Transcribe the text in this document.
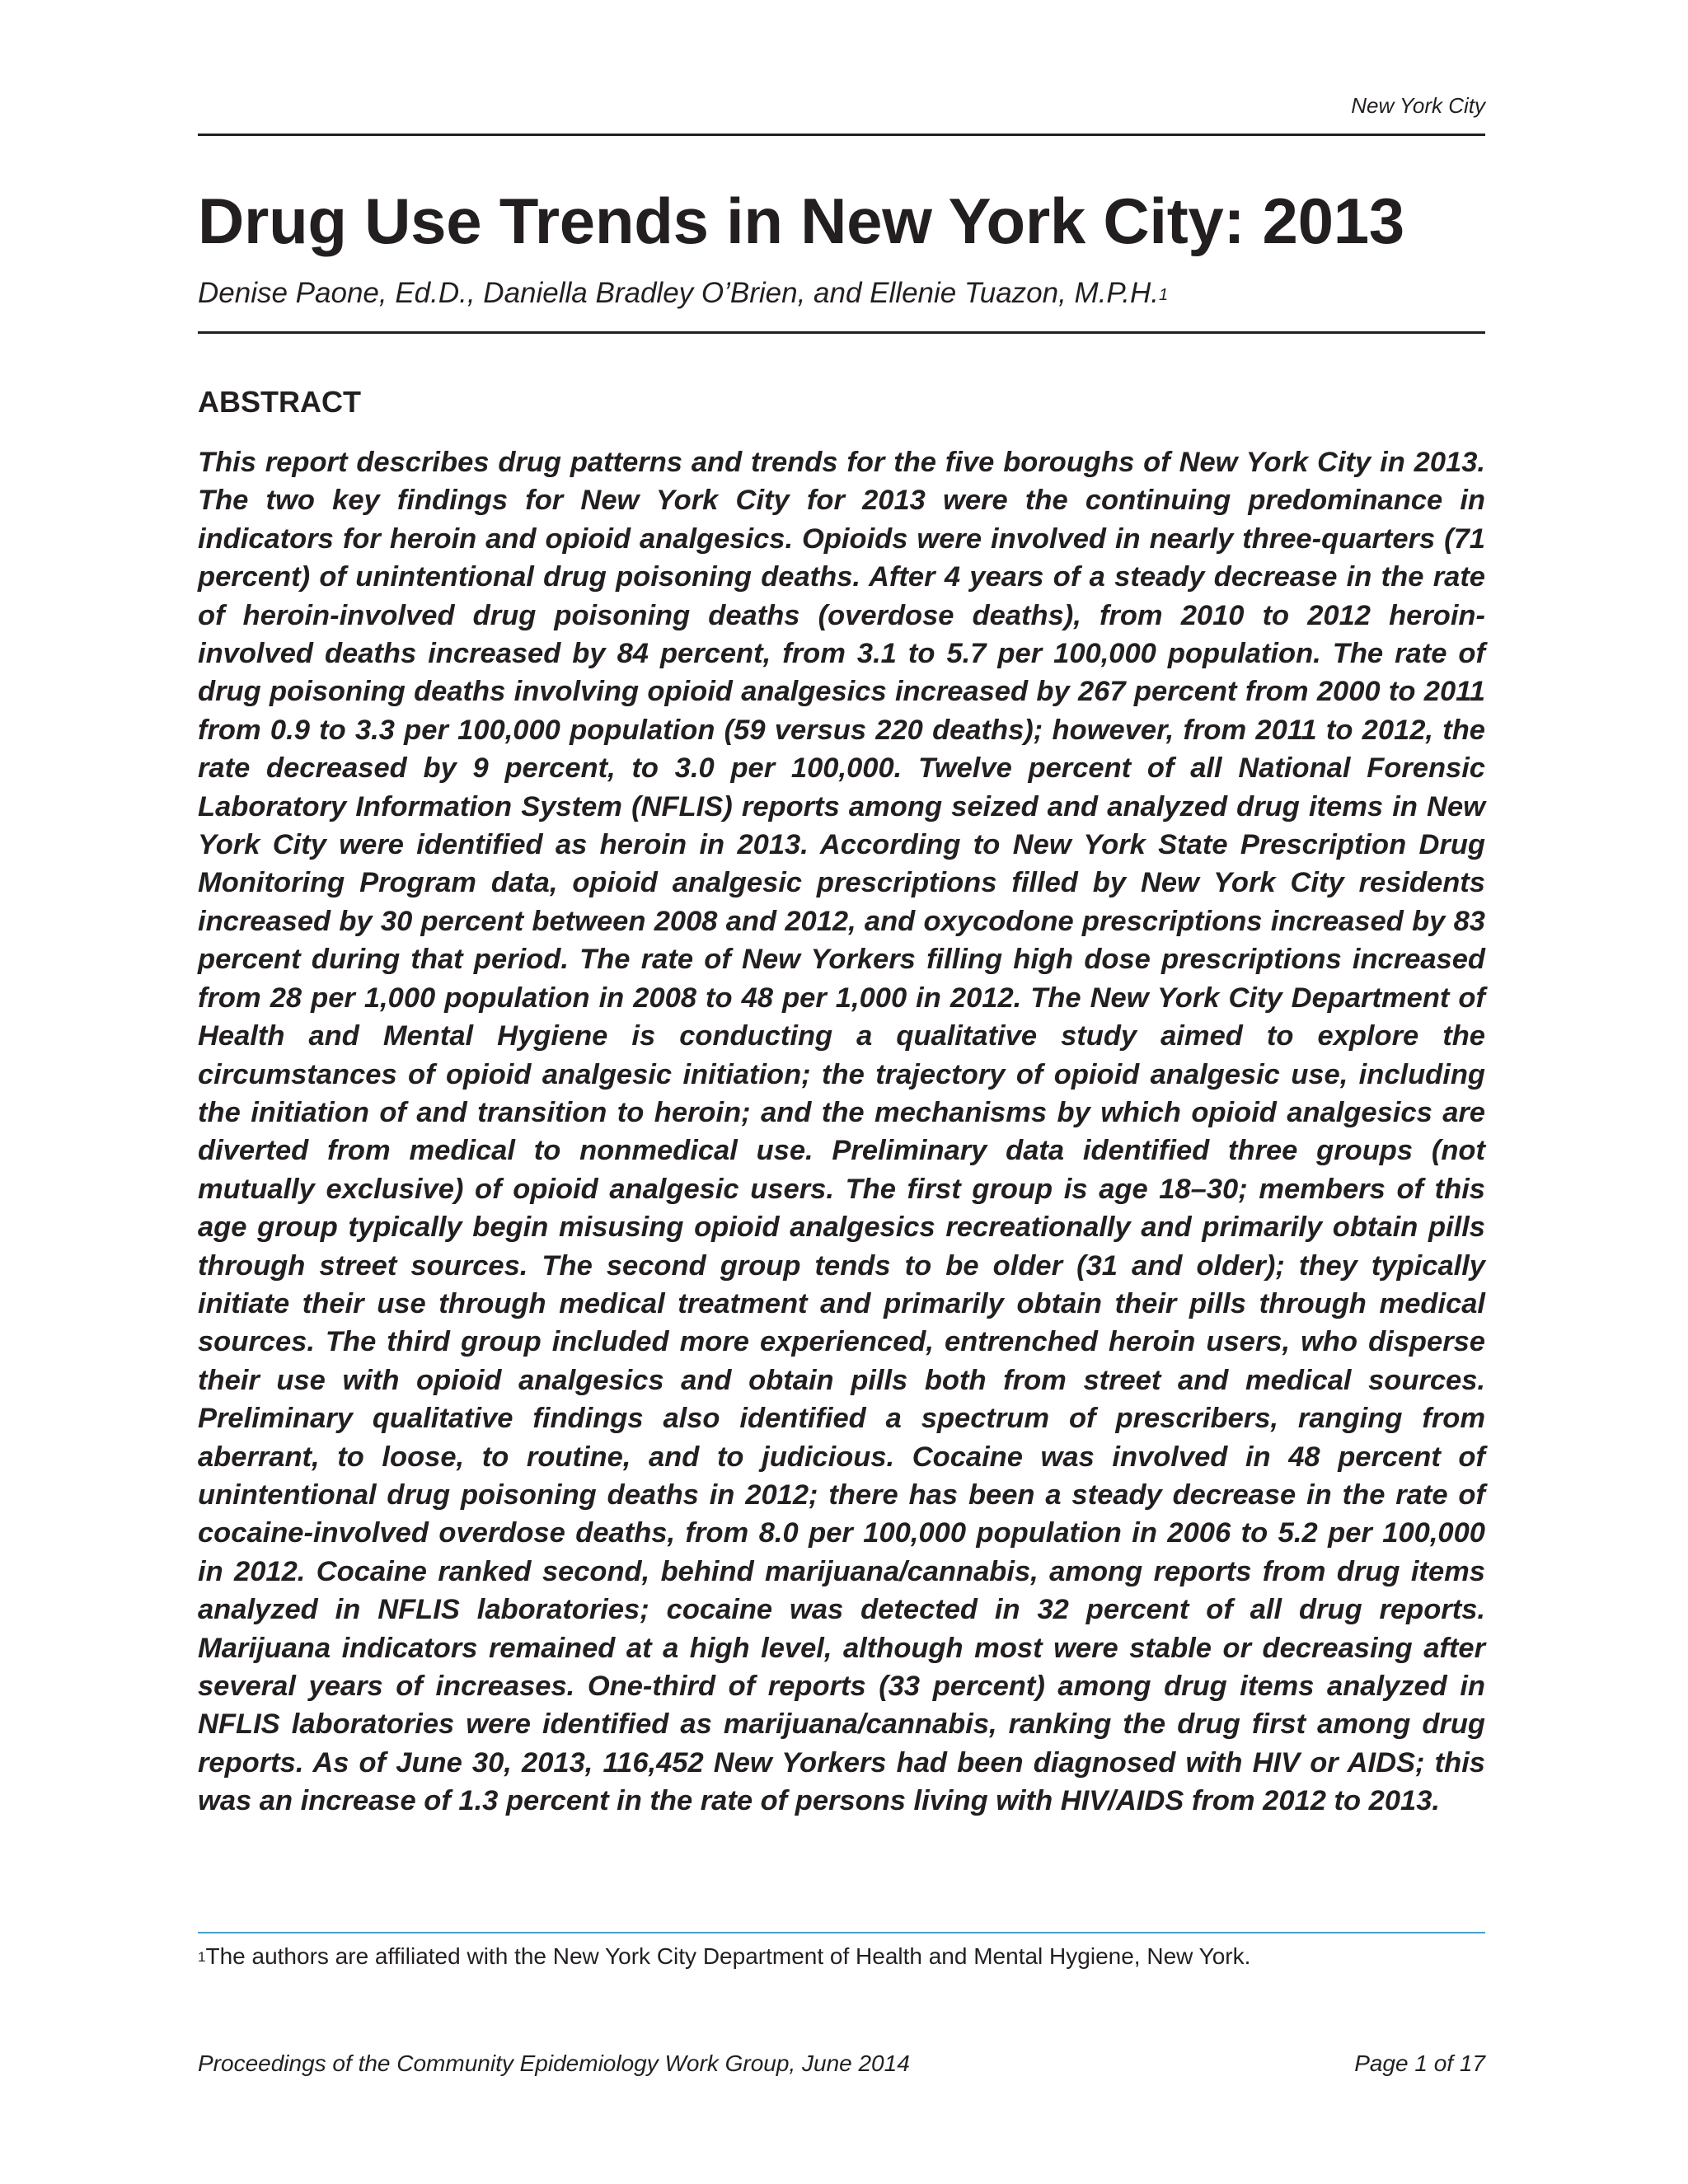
New York City
Drug Use Trends in New York City: 2013
Denise Paone, Ed.D., Daniella Bradley O’Brien, and Ellenie Tuazon, M.P.H.$^1$
ABSTRACT

This report describes drug patterns and trends for the five boroughs of New York City in 2013. The two key findings for New York City for 2013 were the continuing predominance in indicators for heroin and opioid analgesics. Opioids were involved in nearly three-quarters (71 percent) of unintentional drug poisoning deaths. After 4 years of a steady decrease in the rate of heroin-involved drug poisoning deaths (overdose deaths), from 2010 to 2012 heroin-involved deaths increased by 84 percent, from 3.1 to 5.7 per 100,000 population. The rate of drug poisoning deaths involving opioid analgesics increased by 267 percent from 2000 to 2011 from 0.9 to 3.3 per 100,000 population (59 versus 220 deaths); however, from 2011 to 2012, the rate decreased by 9 percent, to 3.0 per 100,000. Twelve percent of all National Forensic Laboratory Information System (NFLIS) reports among seized and analyzed drug items in New York City were identified as heroin in 2013. According to New York State Prescription Drug Monitoring Program data, opioid analgesic prescriptions filled by New York City residents increased by 30 percent between 2008 and 2012, and oxycodone prescriptions increased by 83 percent during that period. The rate of New Yorkers filling high dose prescriptions increased from 28 per 1,000 population in 2008 to 48 per 1,000 in 2012. The New York City Department of Health and Mental Hygiene is conducting a qualitative study aimed to explore the circumstances of opioid analgesic initiation; the trajectory of opioid analgesic use, including the initiation of and transition to heroin; and the mechanisms by which opioid analgesics are diverted from medical to nonmedical use. Preliminary data identified three groups (not mutually exclusive) of opioid analgesic users. The first group is age 18–30; members of this age group typically begin misusing opioid analgesics recreationally and primarily obtain pills through street sources. The second group tends to be older (31 and older); they typically initiate their use through medical treatment and primarily obtain their pills through medical sources. The third group included more experienced, entrenched heroin users, who disperse their use with opioid analgesics and obtain pills both from street and medical sources. Preliminary qualitative findings also identified a spectrum of prescribers, ranging from aberrant, to loose, to routine, and to judicious. Cocaine was involved in 48 percent of unintentional drug poisoning deaths in 2012; there has been a steady decrease in the rate of cocaine-involved overdose deaths, from 8.0 per 100,000 population in 2006 to 5.2 per 100,000 in 2012. Cocaine ranked second, behind marijuana/cannabis, among reports from drug items analyzed in NFLIS laboratories; cocaine was detected in 32 percent of all drug reports. Marijuana indicators remained at a high level, although most were stable or decreasing after several years of increases. One-third of reports (33 percent) among drug items analyzed in NFLIS laboratories were identified as marijuana/cannabis, ranking the drug first among drug reports. As of June 30, 2013, 116,452 New Yorkers had been diagnosed with HIV or AIDS; this was an increase of 1.3 percent in the rate of persons living with HIV/​AIDS from 2012 to 2013.

$^1$The authors are affiliated with the New York City Department of Health and Mental Hygiene, New York.
Proceedings of the Community Epidemiology Work Group, June 2014	Page 1 of 17
